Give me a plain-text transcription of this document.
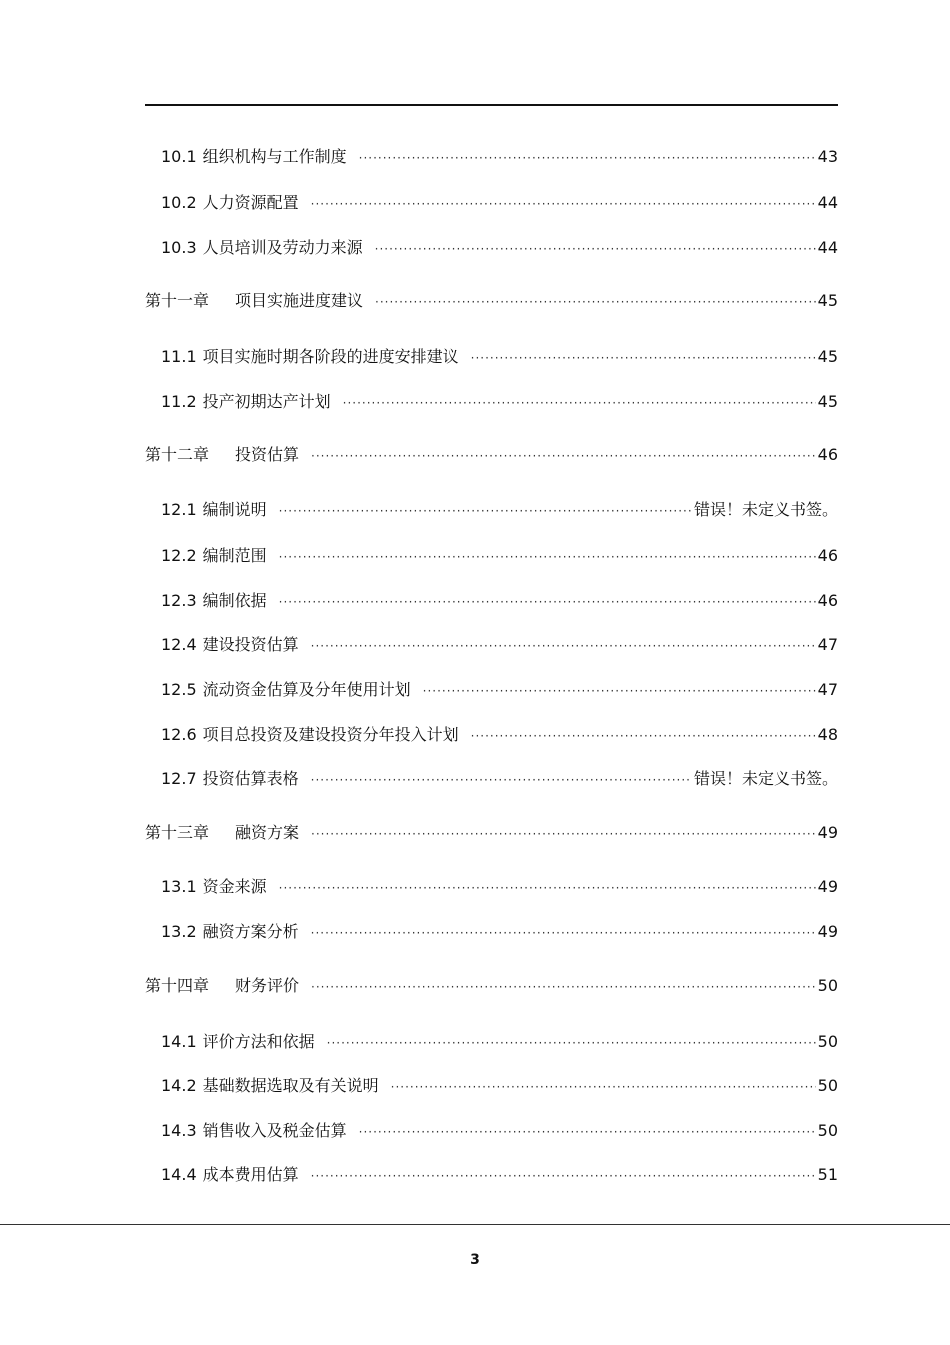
10.1 组织机构与工作制度 ·····	43
10.2 人力资源配置 ·····	44
10.3 人员培训及劳动力来源 ·····	44
第十一章 项目实施进度建议 ·····	45
11.1 项目实施时期各阶段的进度安排建议 ·····	45
11.2 投产初期达产计划 ·····	45
第十二章 投资估算 ·····	46
12.1 编制说明 ·····	错误！未定义书签。
12.2 编制范围 ·····	46
12.3 编制依据 ·····	46
12.4 建设投资估算 ·····	47
12.5 流动资金估算及分年使用计划 ·····	47
12.6 项目总投资及建设投资分年投入计划 ·····	48
12.7 投资估算表格 ·····	错误！未定义书签。
第十三章 融资方案 ·····	49
13.1 资金来源 ·····	49
13.2 融资方案分析 ·····	49
第十四章 财务评价 ·····	50
14.1 评价方法和依据 ·····	50
14.2 基础数据选取及有关说明 ·····	50
14.3 销售收入及税金估算 ·····	50
14.4 成本费用估算 ·····	51
3
